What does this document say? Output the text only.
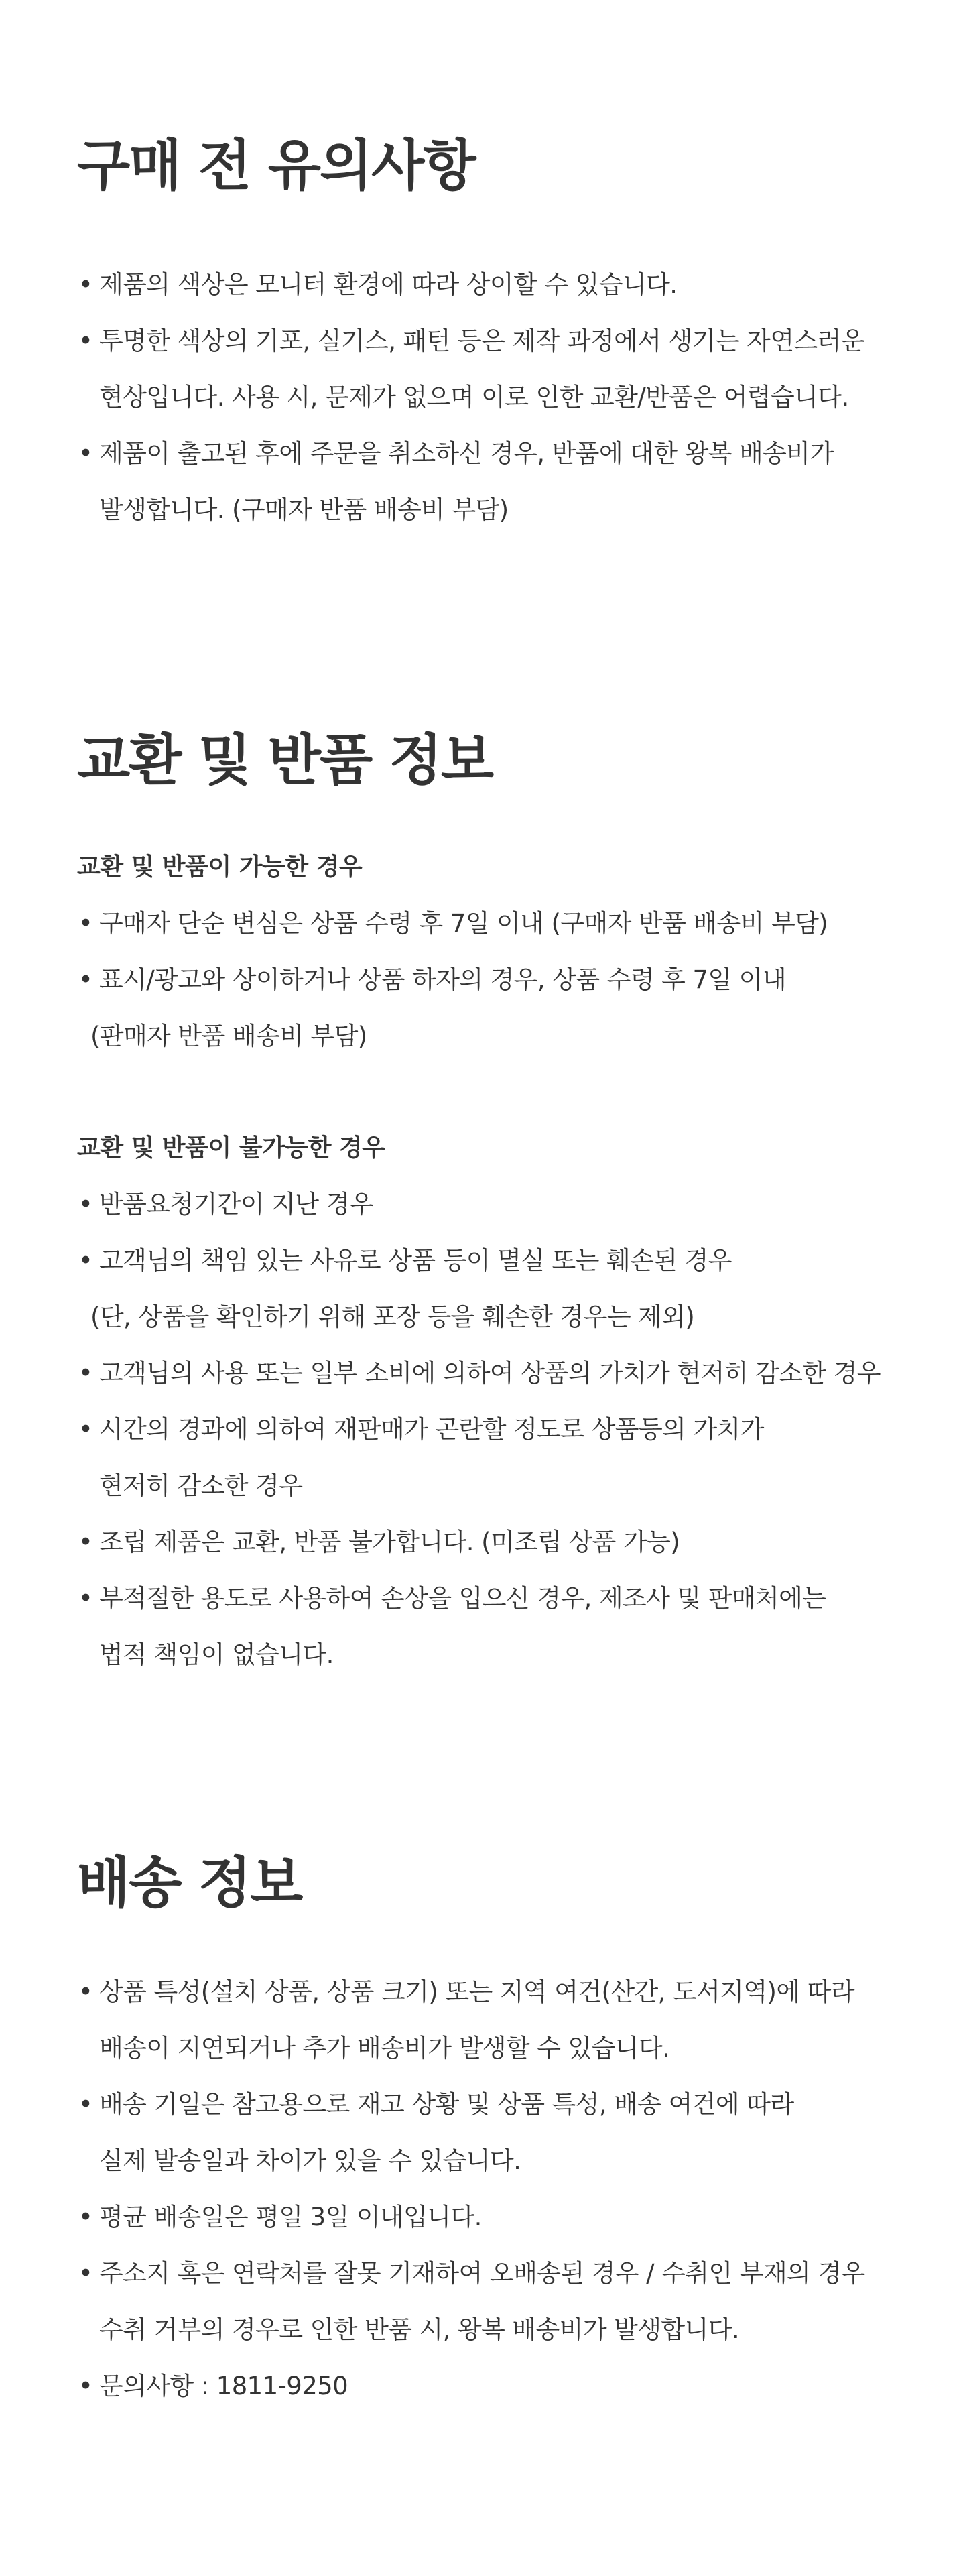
구매 전 유의사항
• 제품의 색상은 모니터 환경에 따라 상이할 수 있습니다.
• 투명한 색상의 기포, 실기스, 패턴 등은 제작 과정에서 생기는 자연스러운
현상입니다. 사용 시, 문제가 없으며 이로 인한 교환/반품은 어렵습니다.
• 제품이 출고된 후에 주문을 취소하신 경우, 반품에 대한 왕복 배송비가
발생합니다. (구매자 반품 배송비 부담)
교환 및 반품 정보
교환 및 반품이 가능한 경우
• 구매자 단순 변심은 상품 수령 후 7일 이내 (구매자 반품 배송비 부담)
• 표시/광고와 상이하거나 상품 하자의 경우, 상품 수령 후 7일 이내
(판매자 반품 배송비 부담)
교환 및 반품이 불가능한 경우
• 반품요청기간이 지난 경우
• 고객님의 책임 있는 사유로 상품 등이 멸실 또는 훼손된 경우
(단, 상품을 확인하기 위해 포장 등을 훼손한 경우는 제외)
• 고객님의 사용 또는 일부 소비에 의하여 상품의 가치가 현저히 감소한 경우
• 시간의 경과에 의하여 재판매가 곤란할 정도로 상품등의 가치가
현저히 감소한 경우
• 조립 제품은 교환, 반품 불가합니다. (미조립 상품 가능)
• 부적절한 용도로 사용하여 손상을 입으신 경우, 제조사 및 판매처에는
법적 책임이 없습니다.
배송 정보
• 상품 특성(설치 상품, 상품 크기) 또는 지역 여건(산간, 도서지역)에 따라
배송이 지연되거나 추가 배송비가 발생할 수 있습니다.
• 배송 기일은 참고용으로 재고 상황 및 상품 특성, 배송 여건에 따라
실제 발송일과 차이가 있을 수 있습니다.
• 평균 배송일은 평일 3일 이내입니다.
• 주소지 혹은 연락처를 잘못 기재하여 오배송된 경우 / 수취인 부재의 경우
수취 거부의 경우로 인한 반품 시, 왕복 배송비가 발생합니다.
• 문의사항 : 1811-9250
